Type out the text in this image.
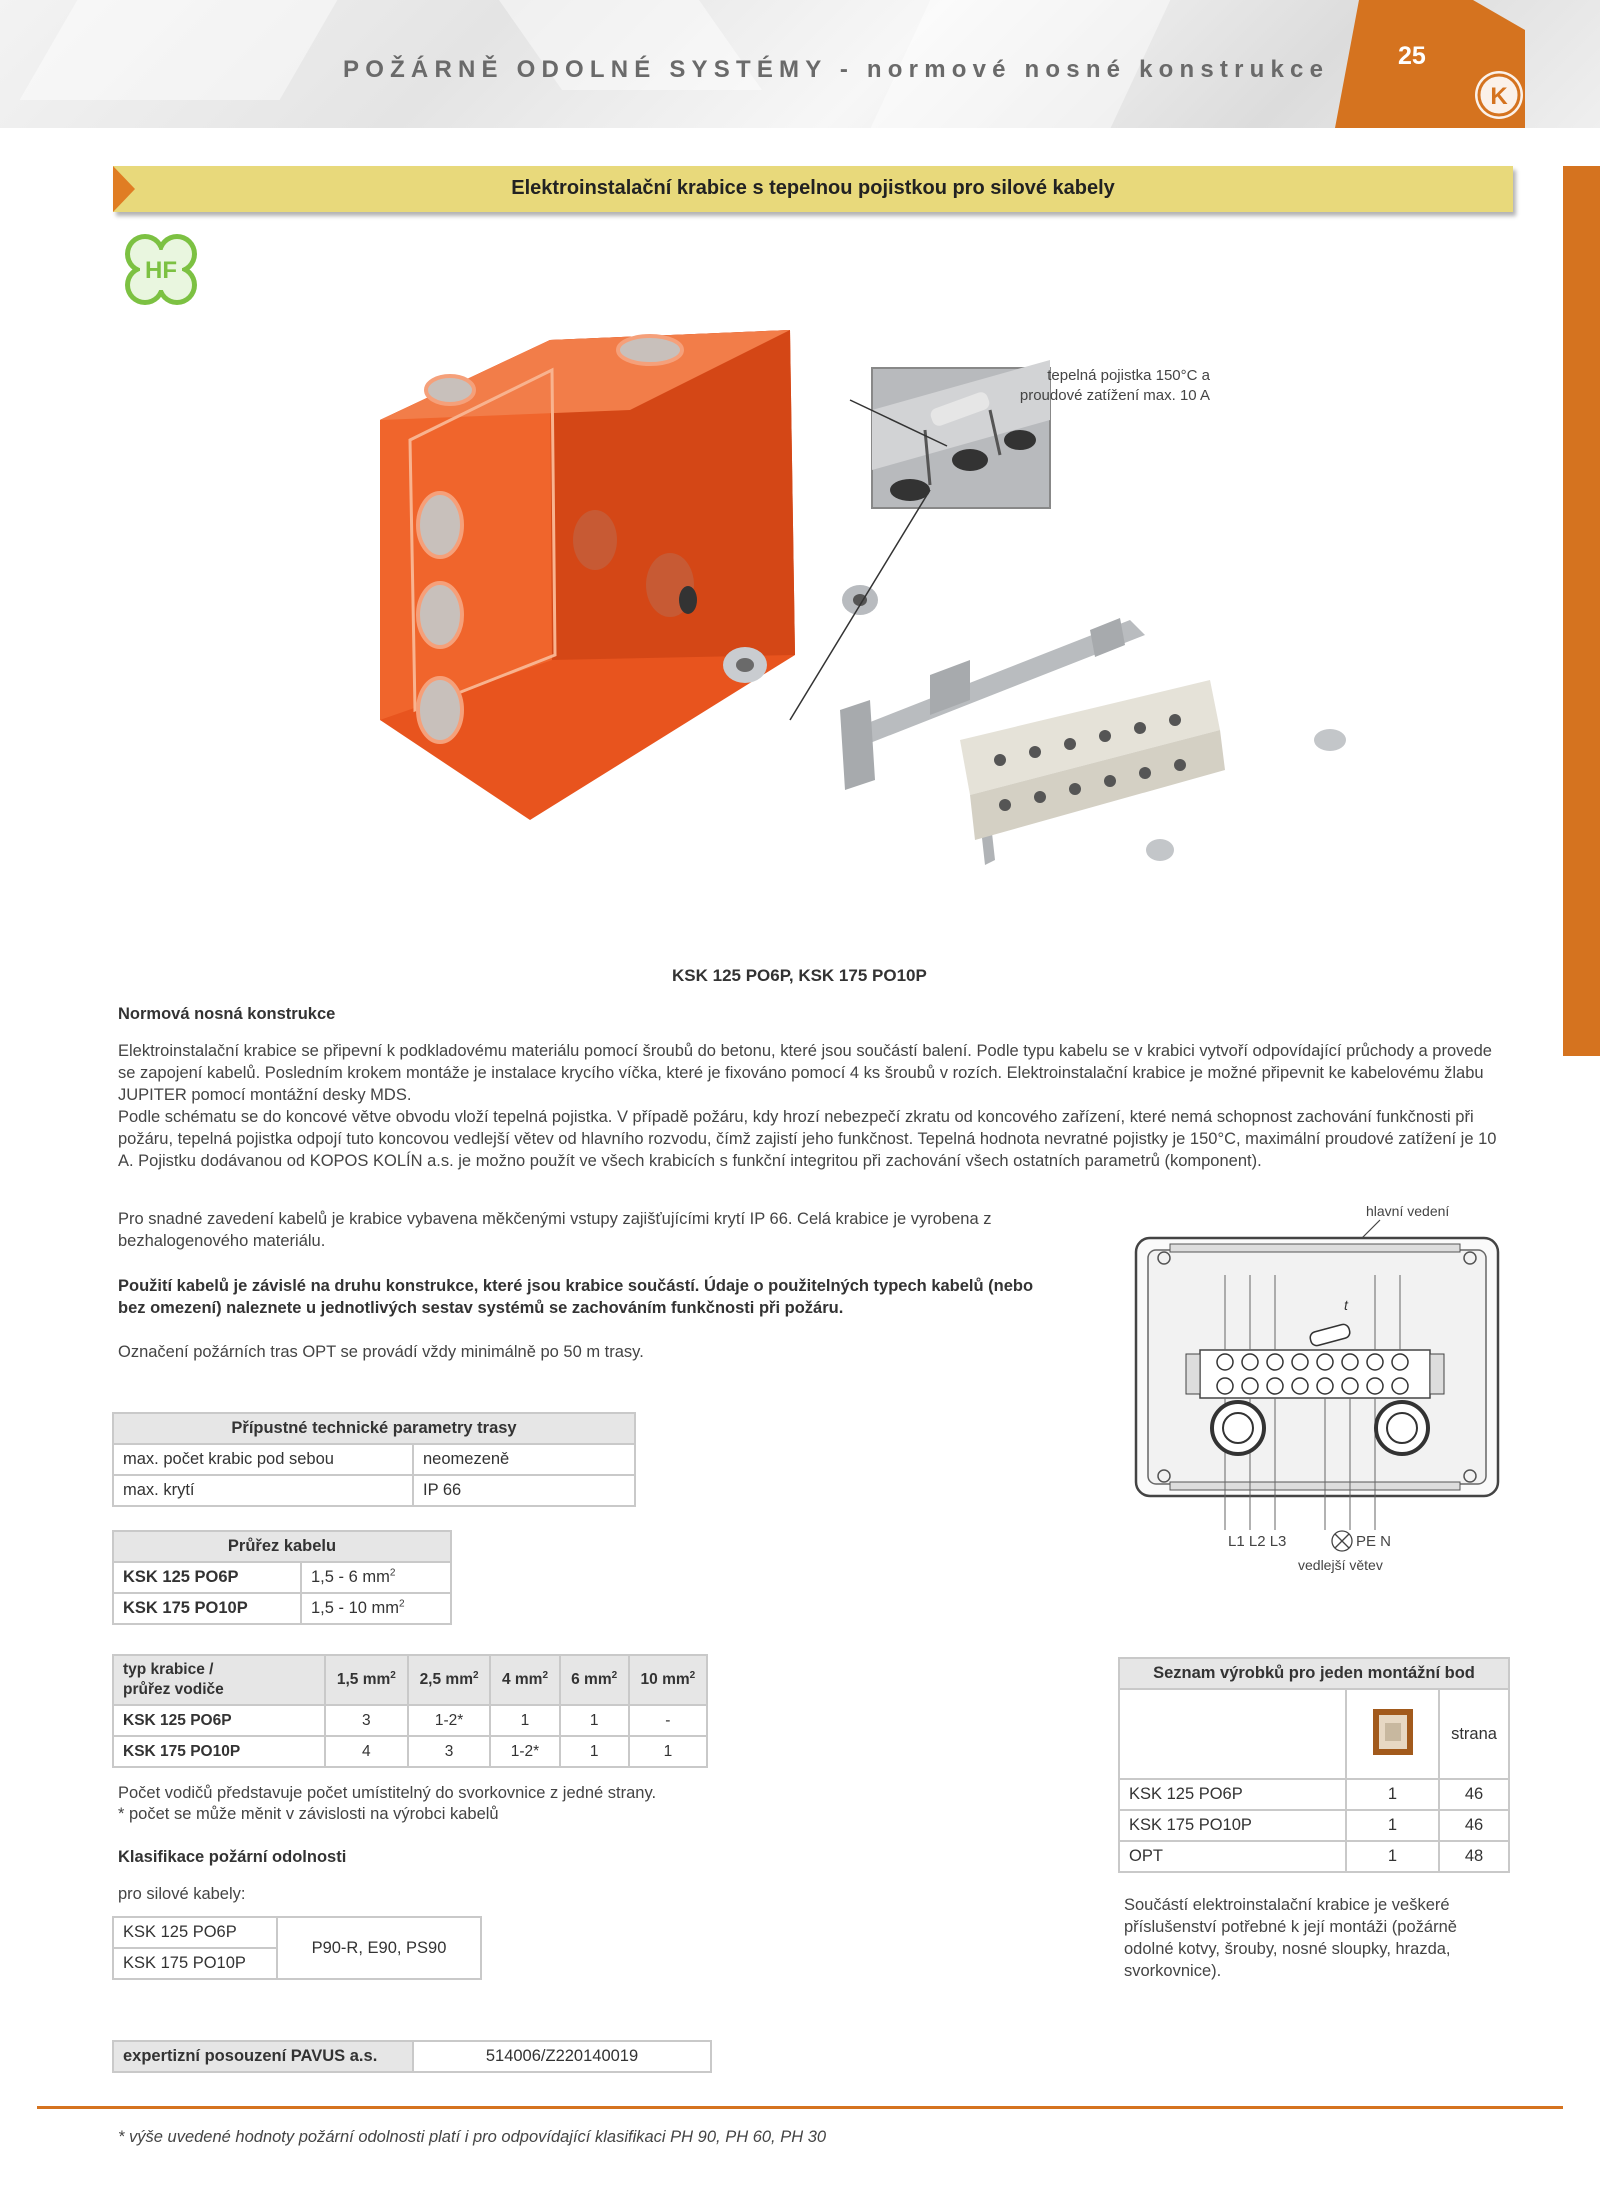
POŽÁRNĚ ODOLNÉ SYSTÉMY - normové nosné konstrukce
K
25
Elektroinstalační krabice s tepelnou pojistkou pro silové kabely
HF
tepelná pojistka 150°C a
proudové zatížení max. 10 A
KSK 125 PO6P, KSK 175 PO10P
Normová nosná konstrukce
Elektroinstalační krabice se připevní k podkladovému materiálu pomocí šroubů do betonu, které jsou součástí balení. Podle typu kabelu se v krabici vytvoří odpovídající průchody a provede se zapojení kabelů. Posledním krokem montáže je instalace krycího víčka, které je fixováno pomocí 4 ks šroubů v rozích. Elektroinstalační krabice je možné připevnit ke kabelovému žlabu JUPITER pomocí montážní desky MDS.
Podle schématu se do koncové větve obvodu vloží tepelná pojistka. V případě požáru, kdy hrozí nebezpečí zkratu od koncového zařízení, které nemá schopnost zachování funkčnosti při požáru, tepelná pojistka odpojí tuto koncovou vedlejší větev od hlavního rozvodu, čímž zajistí jeho funkčnost. Tepelná hodnota nevratné pojistky je 150°C, maximální proudové zatížení je 10 A. Pojistku dodávanou od KOPOS KOLÍN a.s. je možno použít ve všech krabicích s funkční integritou při zachování všech ostatních parametrů (komponent).
Pro snadné zavedení kabelů je krabice vybavena měkčenými vstupy zajišťujícími krytí IP 66. Celá krabice je vyrobena z
bezhalogenového materiálu.
Použití kabelů je závislé na druhu konstrukce, které jsou krabice součástí. Údaje o použitelných typech kabelů (nebo
bez omezení) naleznete u jednotlivých sestav systémů se zachováním funkčnosti při požáru.
Označení požárních tras OPT se provádí vždy minimálně po 50 m trasy.
hlavní vedení
t
L1 L2 L3	PE N
vedlejší větev
Přípustné technické parametry trasy	
max. počet krabic pod sebou	neomezeně
max. krytí	IP 66
Průřez kabelu	
KSK 125 PO6P	1,5 - 6 $mm^2$
KSK 175 PO10P	1,5 - 10 $mm^2$
typ krabice /
průřez vodiče	1,5 $mm^2$	2,5 $mm^2$	4 $mm^2$	6 $mm^2$	10 $mm^2$
KSK 125 PO6P	3	1-2*	1	1	-
KSK 175 PO10P	4	3	1-2*	1	1
Počet vodičů představuje počet umístitelný do svorkovnice z jedné strany.
* počet se může měnit v závislosti na výrobci kabelů
Klasifikace požární odolnosti
pro silové kabely:
KSK 125 PO6P	P90-R, E90, PS90
KSK 175 PO10P
Seznam výrobků pro jeden montážní bod		
		strana
KSK 125 PO6P	1	46
KSK 175 PO10P	1	46
OPT	1	48
Součástí elektroinstalační krabice je veškeré příslušenství potřebné k její montáži (požárně odolné kotvy, šrouby, nosné sloupky, hrazda, svorkovnice).
expertizní posouzení PAVUS a.s.	514006/Z220140019
* výše uvedené hodnoty požární odolnosti platí i pro odpovídající klasifikaci PH 90, PH 60, PH 30
